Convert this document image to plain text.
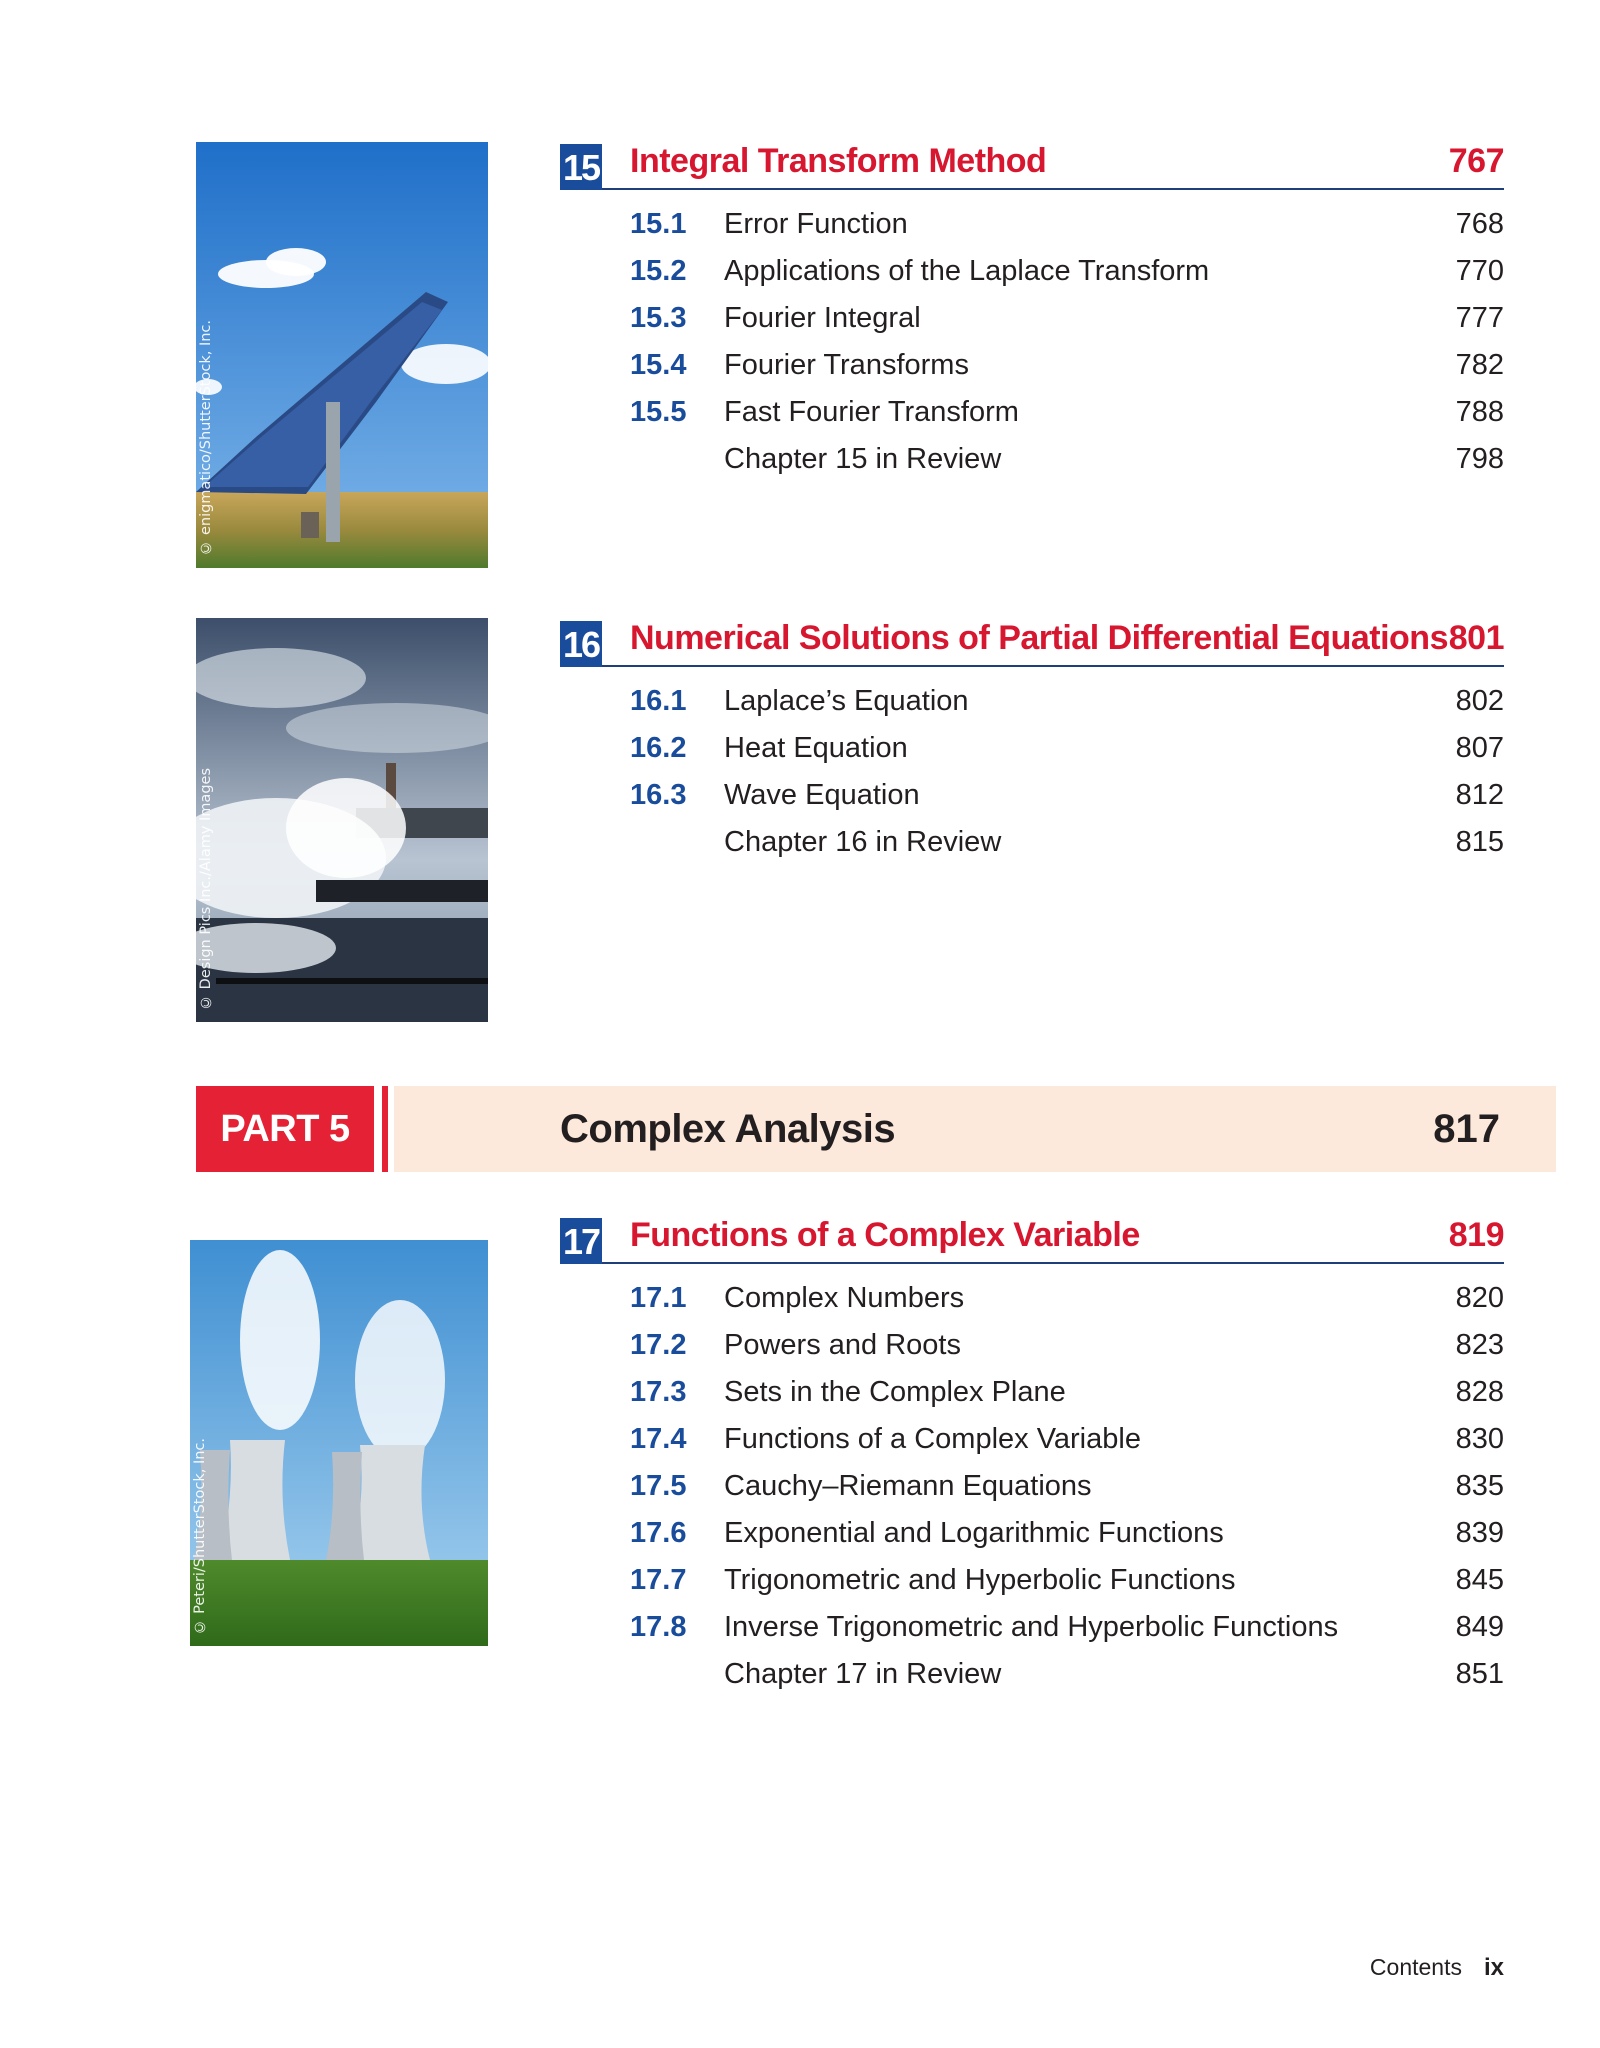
© enigmatico/ShutterStock, Inc.
© Design Pics Inc./Alamy Images
© Peteri/ShutterStock, Inc.
15 Integral Transform Method	767
15.1 Error Function	768
15.2 Applications of the Laplace Transform	770
15.3 Fourier Integral	777
15.4 Fourier Transforms	782
15.5 Fast Fourier Transform	788
Chapter 15 in Review	798
16 Numerical Solutions of Partial Differential Equations 801
16.1 Laplace’s Equation	802
16.2 Heat Equation	807
16.3 Wave Equation	812
Chapter 16 in Review	815
PART 5	Complex Analysis	817
17 Functions of a Complex Variable	819
17.1 Complex Numbers	820
17.2 Powers and Roots	823
17.3 Sets in the Complex Plane	828
17.4 Functions of a Complex Variable	830
17.5 Cauchy–Riemann Equations	835
17.6 Exponential and Logarithmic Functions	839
17.7 Trigonometric and Hyperbolic Functions	845
17.8 Inverse Trigonometric and Hyperbolic Functions	849
Chapter 17 in Review	851
Contents ix
